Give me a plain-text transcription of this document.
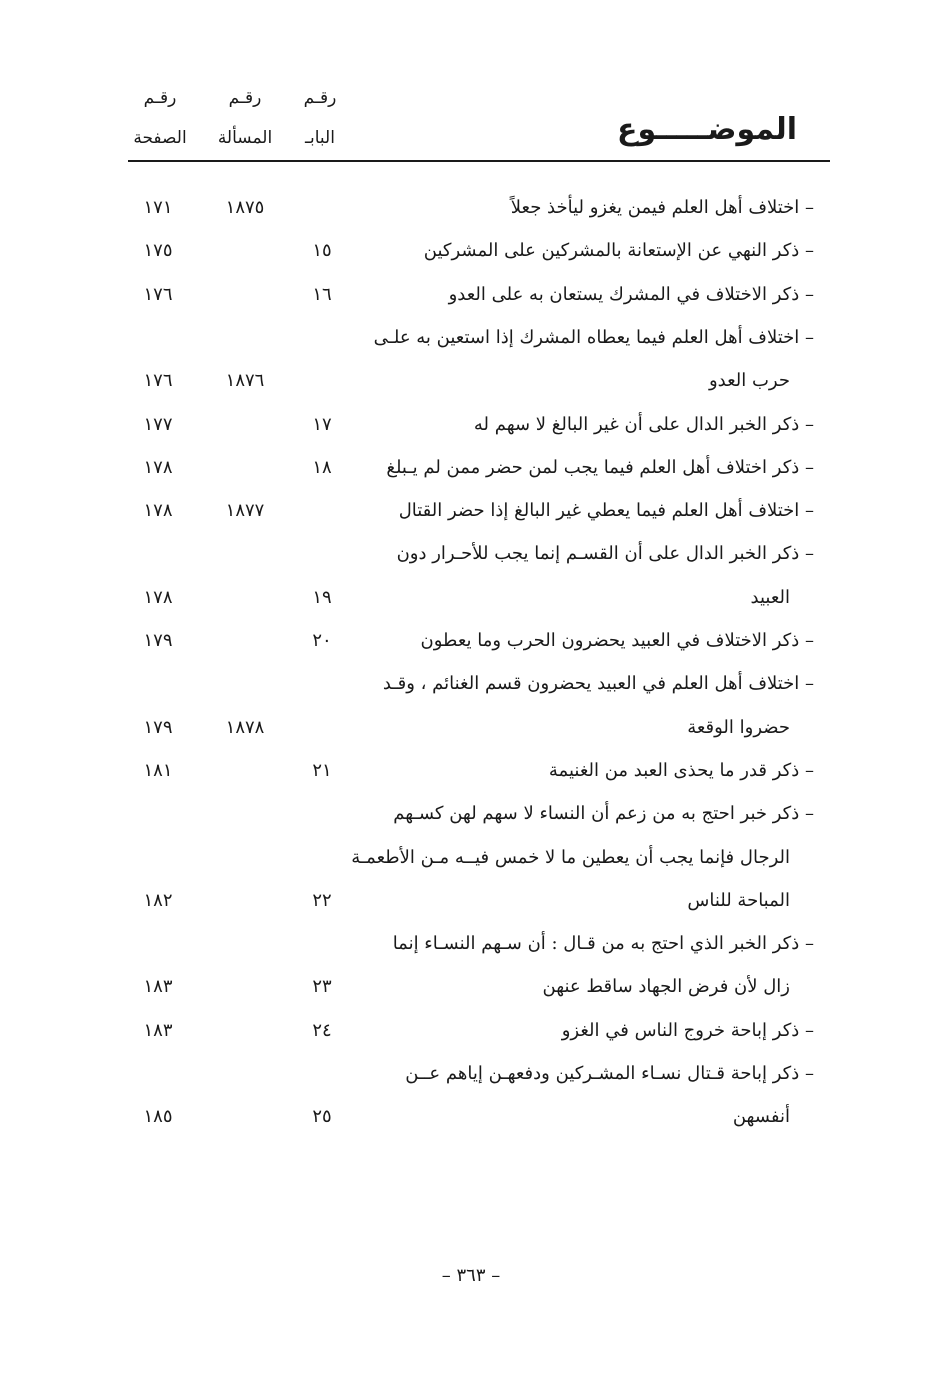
رقـم
البابـ
رقـم
المسألة
رقـم
الصفحة	الموضـــــوع
– اختلاف أهل العلم فيمن يغزو ليأخذ جعلاً
١٨٧٥
١٧١
– ذكر النهي عن الإستعانة بالمشركين على المشركين
١٥
١٧٥
– ذكر الاختلاف في المشرك يستعان به على العدو
١٦
١٧٦
– اختلاف أهل العلم فيما يعطاه المشرك إذا استعين به علـى
حرب العدو
١٨٧٦
١٧٦
– ذكر الخبر الدال على أن غير البالغ لا سهم له
١٧
١٧٧
– ذكر اختلاف أهل العلم فيما يجب لمن حضر ممن لم يـبلغ
١٨
١٧٨
– اختلاف أهل العلم فيما يعطي غير البالغ إذا حضر القتال
١٨٧٧
١٧٨
– ذكر الخبر الدال على أن القسـم إنما يجب للأحـرار دون
العبيد
١٩
١٧٨
– ذكر الاختلاف في العبيد يحضرون الحرب وما يعطون
٢٠
١٧٩
– اختلاف أهل العلم في العبيد يحضرون قسم الغنائم ، وقـد
حضروا الوقعة
١٨٧٨
١٧٩
– ذكر قدر ما يحذى العبد من الغنيمة
٢١
١٨١
– ذكر خبر احتج به من زعم أن النساء لا سهم لهن كسـهم
الرجال فإنما يجب أن يعطين ما لا خمس فيــه مـن الأطعمـة
المباحة للناس
٢٢
١٨٢
– ذكر الخبر الذي احتج به من قـال : أن سـهم النسـاء إنما
زال لأن فرض الجهاد ساقط عنهن
٢٣
١٨٣
– ذكر إباحة خروج الناس في الغزو
٢٤
١٨٣
– ذكر إباحة قـتال نسـاء المشـركين ودفعهـن إياهم عــن
أنفسهن
٢٥
١٨٥
– ٣٦٣ –
